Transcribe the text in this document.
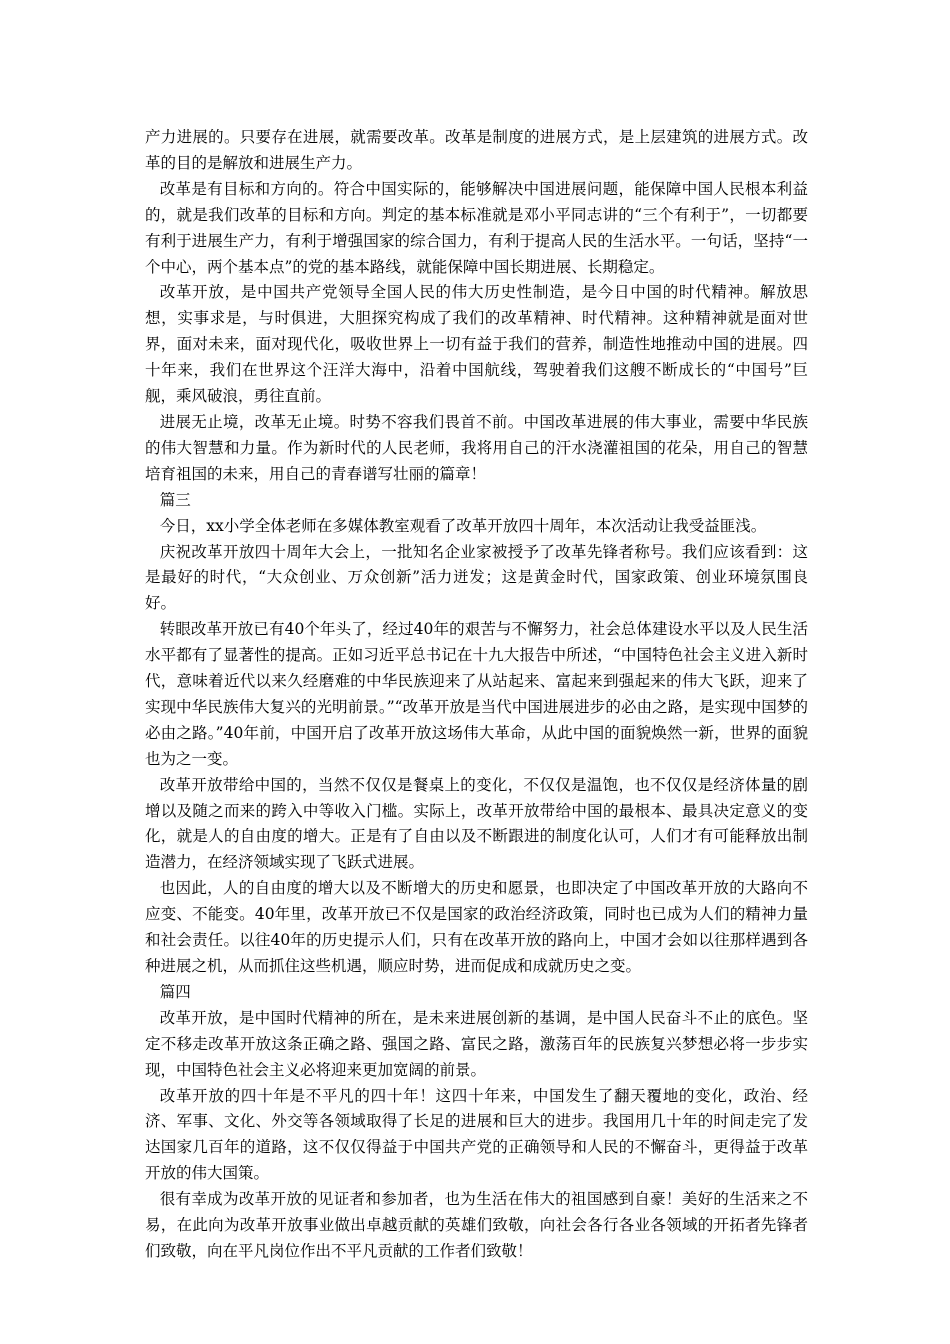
产力进展的。只要存在进展，就需要改革。改革是制度的进展方式，是上层建筑的进展方式。改革的目的是解放和进展生产力。

改革是有目标和方向的。符合中国实际的，能够解决中国进展问题，能保障中国人民根本利益的，就是我们改革的目标和方向。判定的基本标准就是邓小平同志讲的“三个有利于”，一切都要有利于进展生产力，有利于增强国家的综合国力，有利于提高人民的生活水平。一句话，坚持“一个中心，两个基本点”的党的基本路线，就能保障中国长期进展、长期稳定。

改革开放，是中国共产党领导全国人民的伟大历史性制造，是今日中国的时代精神。解放思想，实事求是，与时俱进，大胆探究构成了我们的改革精神、时代精神。这种精神就是面对世界，面对未来，面对现代化，吸收世界上一切有益于我们的营养，制造性地推动中国的进展。四十年来，我们在世界这个汪洋大海中，沿着中国航线，驾驶着我们这艘不断成长的“中国号”巨舰，乘风破浪，勇往直前。

进展无止境，改革无止境。时势不容我们畏首不前。中国改革进展的伟大事业，需要中华民族的伟大智慧和力量。作为新时代的人民老师，我将用自己的汗水浇灌祖国的花朵，用自己的智慧培育祖国的未来，用自己的青春谱写壮丽的篇章！

篇三

今日，xx小学全体老师在多媒体教室观看了改革开放四十周年，本次活动让我受益匪浅。

庆祝改革开放四十周年大会上，一批知名企业家被授予了改革先锋者称号。我们应该看到：这是最好的时代，“大众创业、万众创新”活力迸发；这是黄金时代，国家政策、创业环境氛围良好。

转眼改革开放已有40个年头了，经过40年的艰苦与不懈努力，社会总体建设水平以及人民生活水平都有了显著性的提高。正如习近平总书记在十九大报告中所述，“中国特色社会主义进入新时代，意味着近代以来久经磨难的中华民族迎来了从站起来、富起来到强起来的伟大飞跃，迎来了实现中华民族伟大复兴的光明前景。”“改革开放是当代中国进展进步的必由之路，是实现中国梦的必由之路。”40年前，中国开启了改革开放这场伟大革命，从此中国的面貌焕然一新，世界的面貌也为之一变。

改革开放带给中国的，当然不仅仅是餐桌上的变化，不仅仅是温饱，也不仅仅是经济体量的剧增以及随之而来的跨入中等收入门槛。实际上，改革开放带给中国的最根本、最具决定意义的变化，就是人的自由度的增大。正是有了自由以及不断跟进的制度化认可，人们才有可能释放出制造潜力，在经济领域实现了飞跃式进展。

也因此，人的自由度的增大以及不断增大的历史和愿景，也即决定了中国改革开放的大路向不应变、不能变。40年里，改革开放已不仅是国家的政治经济政策，同时也已成为人们的精神力量和社会责任。以往40年的历史提示人们，只有在改革开放的路向上，中国才会如以往那样遇到各种进展之机，从而抓住这些机遇，顺应时势，进而促成和成就历史之变。

篇四

改革开放，是中国时代精神的所在，是未来进展创新的基调，是中国人民奋斗不止的底色。坚定不移走改革开放这条正确之路、强国之路、富民之路，激荡百年的民族复兴梦想必将一步步实现，中国特色社会主义必将迎来更加宽阔的前景。

改革开放的四十年是不平凡的四十年！这四十年来，中国发生了翻天覆地的变化，政治、经济、军事、文化、外交等各领域取得了长足的进展和巨大的进步。我国用几十年的时间走完了发达国家几百年的道路，这不仅仅得益于中国共产党的正确领导和人民的不懈奋斗，更得益于改革开放的伟大国策。

很有幸成为改革开放的见证者和参加者，也为生活在伟大的祖国感到自豪！美好的生活来之不易，在此向为改革开放事业做出卓越贡献的英雄们致敬，向社会各行各业各领域的开拓者先锋者们致敬，向在平凡岗位作出不平凡贡献的工作者们致敬！
